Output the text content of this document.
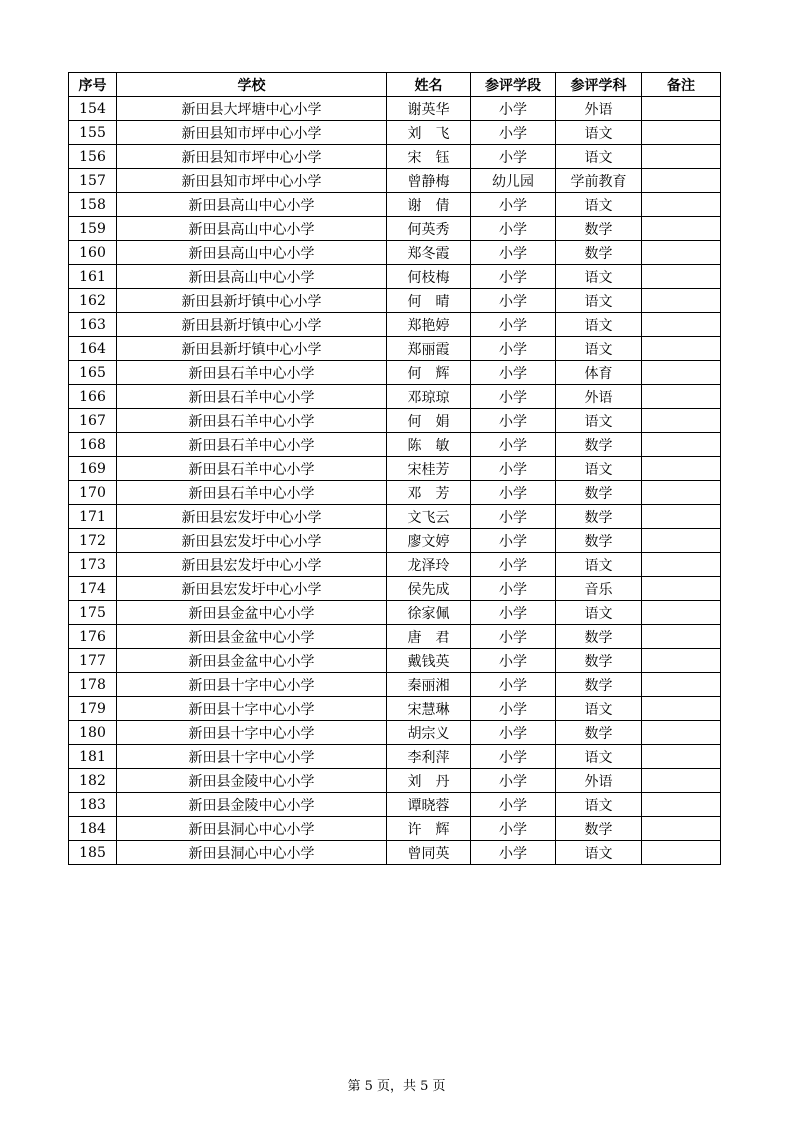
序号	学校	姓名	参评学段	参评学科	备注
154	新田县大坪塘中心小学	谢英华	小学	外语	
155	新田县知市坪中心小学	刘　飞	小学	语文	
156	新田县知市坪中心小学	宋　钰	小学	语文	
157	新田县知市坪中心小学	曾静梅	幼儿园	学前教育	
158	新田县高山中心小学	谢　倩	小学	语文	
159	新田县高山中心小学	何英秀	小学	数学	
160	新田县高山中心小学	郑冬霞	小学	数学	
161	新田县高山中心小学	何枝梅	小学	语文	
162	新田县新圩镇中心小学	何　晴	小学	语文	
163	新田县新圩镇中心小学	郑艳婷	小学	语文	
164	新田县新圩镇中心小学	郑丽霞	小学	语文	
165	新田县石羊中心小学	何　辉	小学	体育	
166	新田县石羊中心小学	邓琼琼	小学	外语	
167	新田县石羊中心小学	何　娟	小学	语文	
168	新田县石羊中心小学	陈　敏	小学	数学	
169	新田县石羊中心小学	宋桂芳	小学	语文	
170	新田县石羊中心小学	邓　芳	小学	数学	
171	新田县宏发圩中心小学	文飞云	小学	数学	
172	新田县宏发圩中心小学	廖文婷	小学	数学	
173	新田县宏发圩中心小学	龙泽玲	小学	语文	
174	新田县宏发圩中心小学	侯先成	小学	音乐	
175	新田县金盆中心小学	徐家佩	小学	语文	
176	新田县金盆中心小学	唐　君	小学	数学	
177	新田县金盆中心小学	戴钱英	小学	数学	
178	新田县十字中心小学	秦丽湘	小学	数学	
179	新田县十字中心小学	宋慧琳	小学	语文	
180	新田县十字中心小学	胡宗义	小学	数学	
181	新田县十字中心小学	李利萍	小学	语文	
182	新田县金陵中心小学	刘　丹	小学	外语	
183	新田县金陵中心小学	谭晓蓉	小学	语文	
184	新田县洞心中心小学	许　辉	小学	数学	
185	新田县洞心中心小学	曾同英	小学	语文	
第 5 页，共 5 页
